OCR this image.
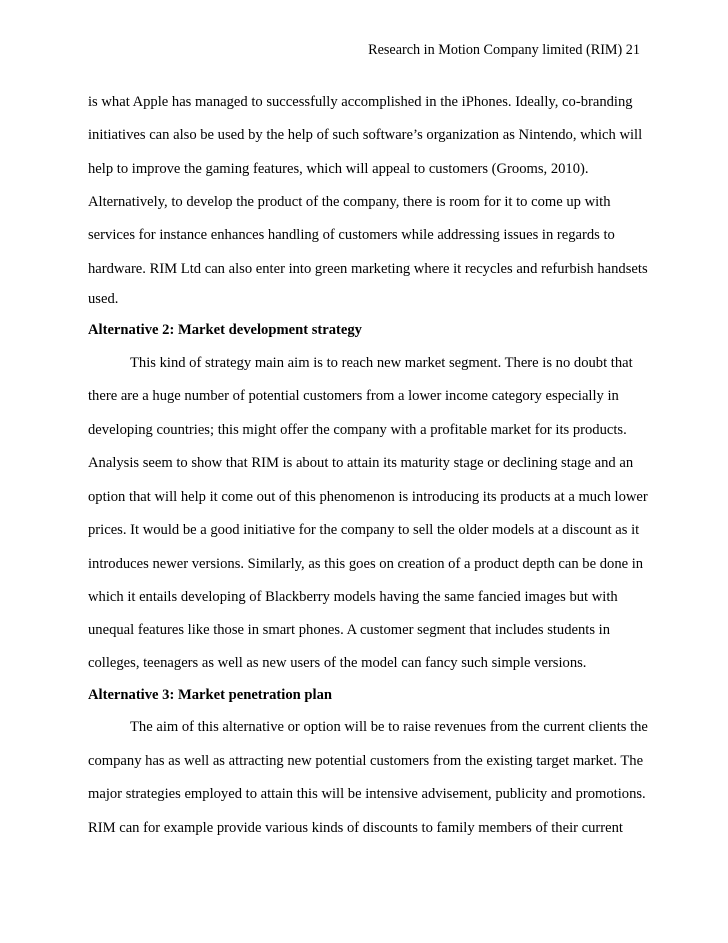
Research in Motion Company limited (RIM) 21
is what Apple has managed to successfully accomplished in the iPhones. Ideally, co-branding
initiatives can also be used by the help of such software’s organization as Nintendo, which will
help to improve the gaming features, which will appeal to customers (Grooms, 2010).
Alternatively, to develop the product of the company, there is room for it to come up with
services for instance enhances handling of customers while addressing issues in regards to
hardware. RIM Ltd can also enter into green marketing where it recycles and refurbish handsets
used.
Alternative 2: Market development strategy
This kind of strategy main aim is to reach new market segment. There is no doubt that
there are a huge number of potential customers from a lower income category especially in
developing countries; this might offer the company with a profitable market for its products.
Analysis seem to show that RIM is about to attain its maturity stage or declining stage and an
option that will help it come out of this phenomenon is introducing its products at a much lower
prices. It would be a good initiative for the company to sell the older models at a discount as it
introduces newer versions. Similarly, as this goes on creation of a product depth can be done in
which it entails developing of Blackberry models having the same fancied images but with
unequal features like those in smart phones. A customer segment that includes students in
colleges, teenagers as well as new users of the model can fancy such simple versions.
Alternative 3: Market penetration plan
The aim of this alternative or option will be to raise revenues from the current clients the
company has as well as attracting new potential customers from the existing target market. The
major strategies employed to attain this will be intensive advisement, publicity and promotions.
RIM can for example provide various kinds of discounts to family members of their current
